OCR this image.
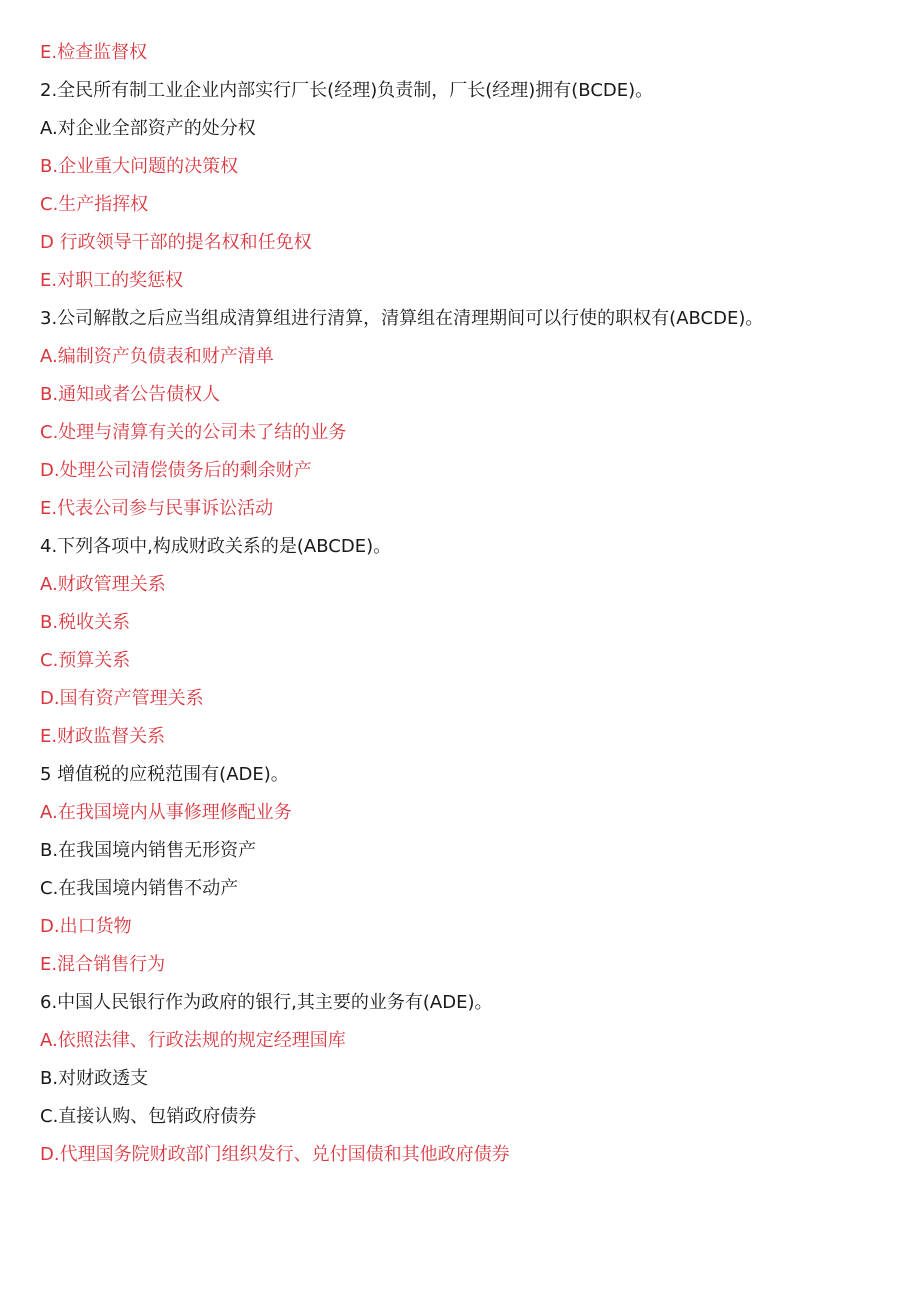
E.检查监督权
2.全民所有制工业企业内部实行厂长(经理)负责制，厂长(经理)拥有(BCDE)。
A.对企业全部资产的处分权
B.企业重大问题的决策权
C.生产指挥权
D 行政领导干部的提名权和任免权
E.对职工的奖惩权
3.公司解散之后应当组成清算组进行清算，清算组在清理期间可以行使的职权有(ABCDE)。
A.编制资产负债表和财产清单
B.通知或者公告债权人
C.处理与清算有关的公司未了结的业务
D.处理公司清偿债务后的剩余财产
E.代表公司参与民事诉讼活动
4.下列各项中,构成财政关系的是(ABCDE)。
A.财政管理关系
B.税收关系
C.预算关系
D.国有资产管理关系
E.财政监督关系
5 增值税的应税范围有(ADE)。
A.在我国境内从事修理修配业务
B.在我国境内销售无形资产
C.在我国境内销售不动产
D.出口货物
E.混合销售行为
6.中国人民银行作为政府的银行,其主要的业务有(ADE)。
A.依照法律、行政法规的规定经理国库
B.对财政透支
C.直接认购、包销政府债券
D.代理国务院财政部门组织发行、兑付国债和其他政府债券
